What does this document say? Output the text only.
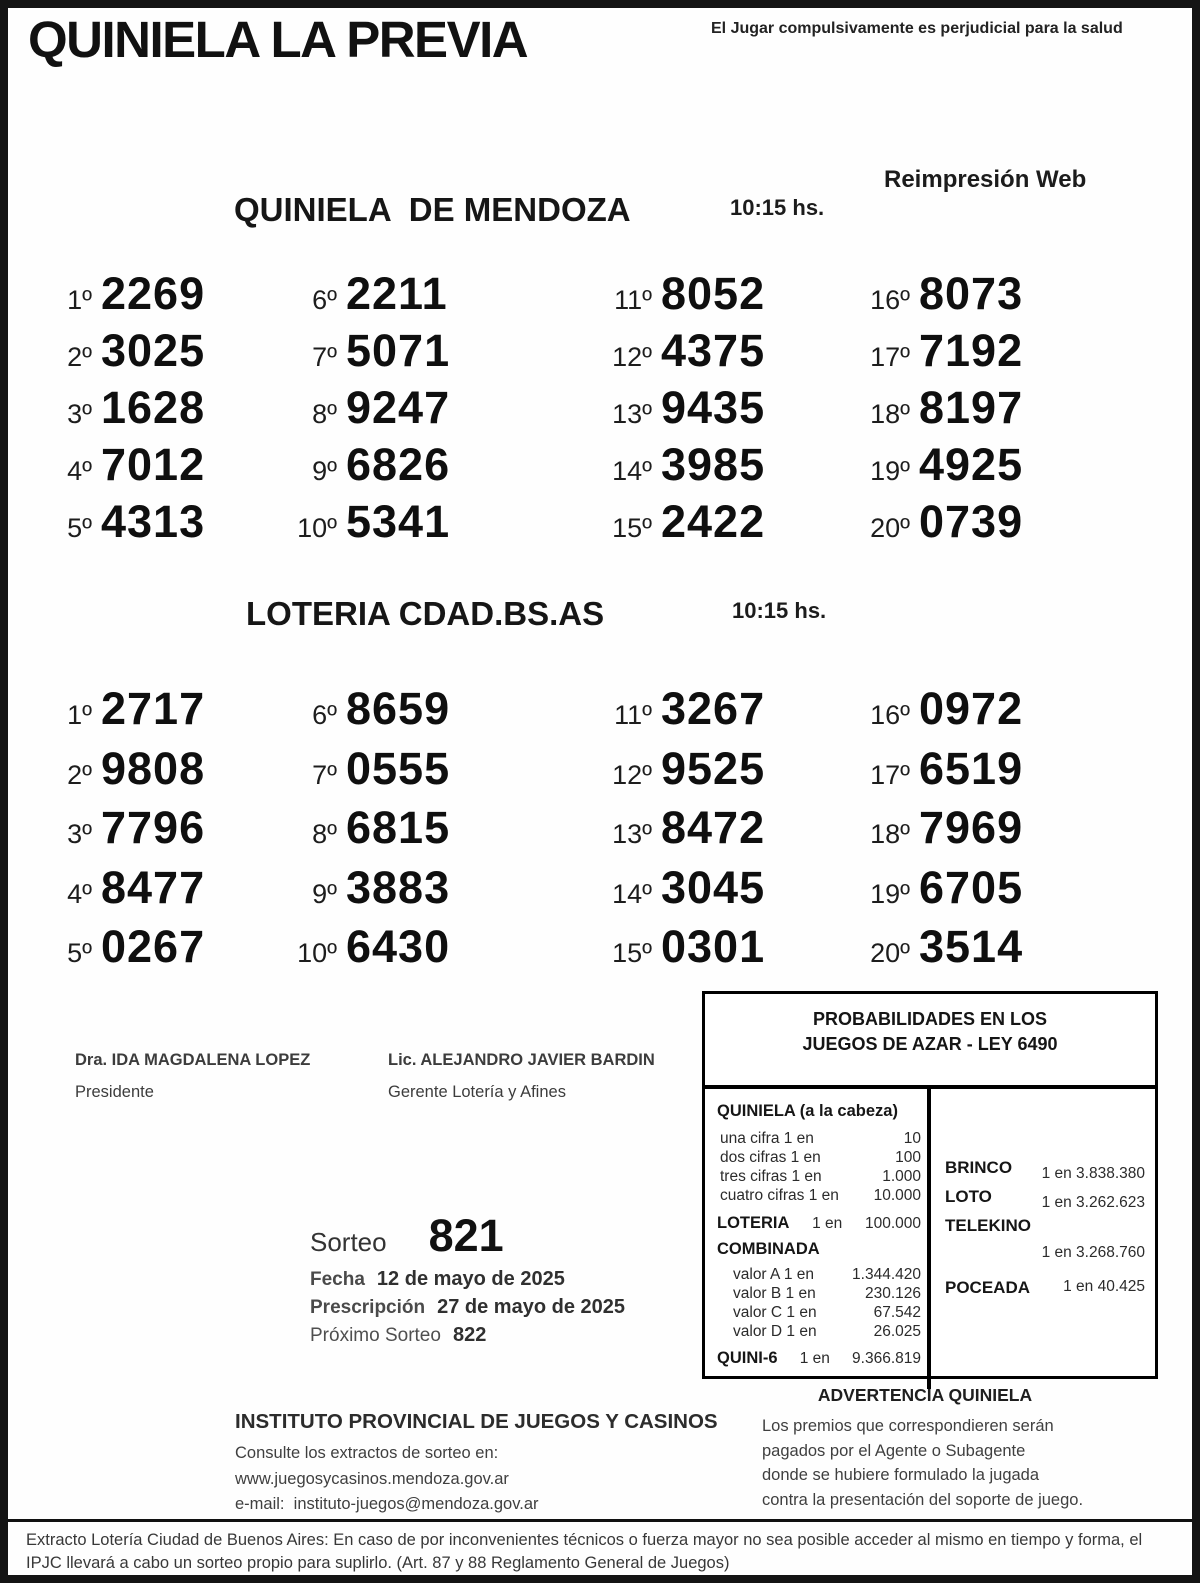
QUINIELA LA PREVIA	El Jugar compulsivamente es perjudicial para la salud
Reimpresión Web
QUINIELA  DE MENDOZA	10:15 hs.
1º 2269
2º 3025
3º 1628
4º 7012
5º 4313
6º 2211
7º 5071
8º 9247
9º 6826
10º 5341
11º 8052
12º 4375
13º 9435
14º 3985
15º 2422
16º 8073
17º 7192
18º 8197
19º 4925
20º 0739
LOTERIA CDAD.BS.AS	10:15 hs.
1º 2717
2º 9808
3º 7796
4º 8477
5º 0267
6º 8659
7º 0555
8º 6815
9º 3883
10º 6430
11º 3267
12º 9525
13º 8472
14º 3045
15º 0301
16º 0972
17º 6519
18º 7969
19º 6705
20º 3514
Dra. IDA MAGDALENA LOPEZ
Presidente
Lic. ALEJANDRO JAVIER BARDIN
Gerente Lotería y Afines
Sorteo 821
Fecha 12 de mayo de 2025
Prescripción 27 de mayo de 2025
Próximo Sorteo 822
PROBABILIDADES EN LOS
JUEGOS DE AZAR - LEY 6490
QUINIELA (a la cabeza)
una cifra 1 en	10
dos cifras 1 en	100
tres cifras 1 en	1.000
cuatro cifras 1 en 10.000
LOTERIA 1 en 100.000
COMBINADA
valor A 1 en 1.344.420
valor B 1 en	230.126
valor C 1 en	67.542
valor D 1 en	26.025
QUINI-6 1 en 9.366.819
BRINCO 1 en 3.838.380
LOTO	1 en 3.262.623
TELEKINO
1 en 3.268.760
POCEADA 1 en 40.425
ADVERTENCIA QUINIELA
Los premios que correspondieren serán
pagados por el Agente o Subagente
donde se hubiere formulado la jugada
contra la presentación del soporte de juego.
INSTITUTO PROVINCIAL DE JUEGOS Y CASINOS
Consulte los extractos de sorteo en:
www.juegosycasinos.mendoza.gov.ar
e-mail:  instituto-juegos@mendoza.gov.ar
Extracto Lotería Ciudad de Buenos Aires: En caso de por inconvenientes técnicos o fuerza mayor no sea posible acceder al mismo en tiempo y forma, el IPJC llevará a cabo un sorteo propio para suplirlo. (Art. 87 y 88 Reglamento General de Juegos)
